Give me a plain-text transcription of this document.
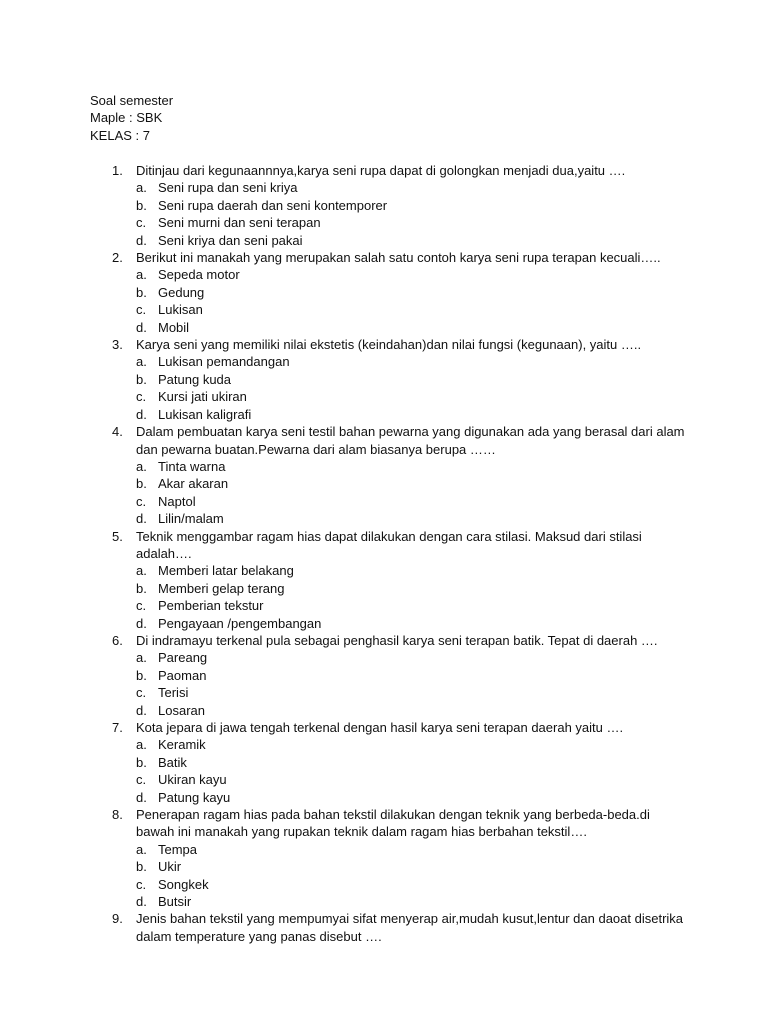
Soal semester
Maple : SBK
KELAS : 7
1. Ditinjau dari kegunaannnya,karya seni rupa dapat di golongkan menjadi dua,yaitu ….
a. Seni rupa dan seni kriya
b. Seni rupa daerah dan seni kontemporer
c. Seni murni dan seni terapan
d. Seni kriya dan seni pakai
2. Berikut ini manakah yang merupakan salah satu contoh karya seni rupa terapan kecuali…..
a. Sepeda motor
b. Gedung
c. Lukisan
d. Mobil
3. Karya seni yang memiliki nilai ekstetis (keindahan)dan nilai fungsi (kegunaan), yaitu …..
a. Lukisan pemandangan
b. Patung kuda
c. Kursi jati ukiran
d. Lukisan kaligrafi
4. Dalam pembuatan karya seni testil bahan pewarna yang digunakan ada yang berasal dari alam dan pewarna buatan.Pewarna dari alam biasanya berupa ……
a. Tinta warna
b. Akar akaran
c. Naptol
d. Lilin/malam
5. Teknik menggambar ragam hias dapat dilakukan dengan cara stilasi. Maksud dari stilasi adalah….
a. Memberi latar belakang
b. Memberi gelap terang
c. Pemberian tekstur
d. Pengayaan /pengembangan
6. Di indramayu terkenal pula sebagai penghasil karya seni terapan batik. Tepat di daerah ….
a. Pareang
b. Paoman
c. Terisi
d. Losaran
7. Kota jepara di jawa tengah terkenal dengan hasil karya seni terapan daerah yaitu ….
a. Keramik
b. Batik
c. Ukiran kayu
d. Patung kayu
8. Penerapan ragam hias pada bahan tekstil dilakukan dengan teknik yang berbeda-beda.di bawah ini manakah yang rupakan teknik dalam ragam hias berbahan tekstil….
a. Tempa
b. Ukir
c. Songkek
d. Butsir
9. Jenis bahan tekstil yang mempumyai sifat menyerap air,mudah kusut,lentur dan daoat disetrika dalam temperature yang panas disebut ….
